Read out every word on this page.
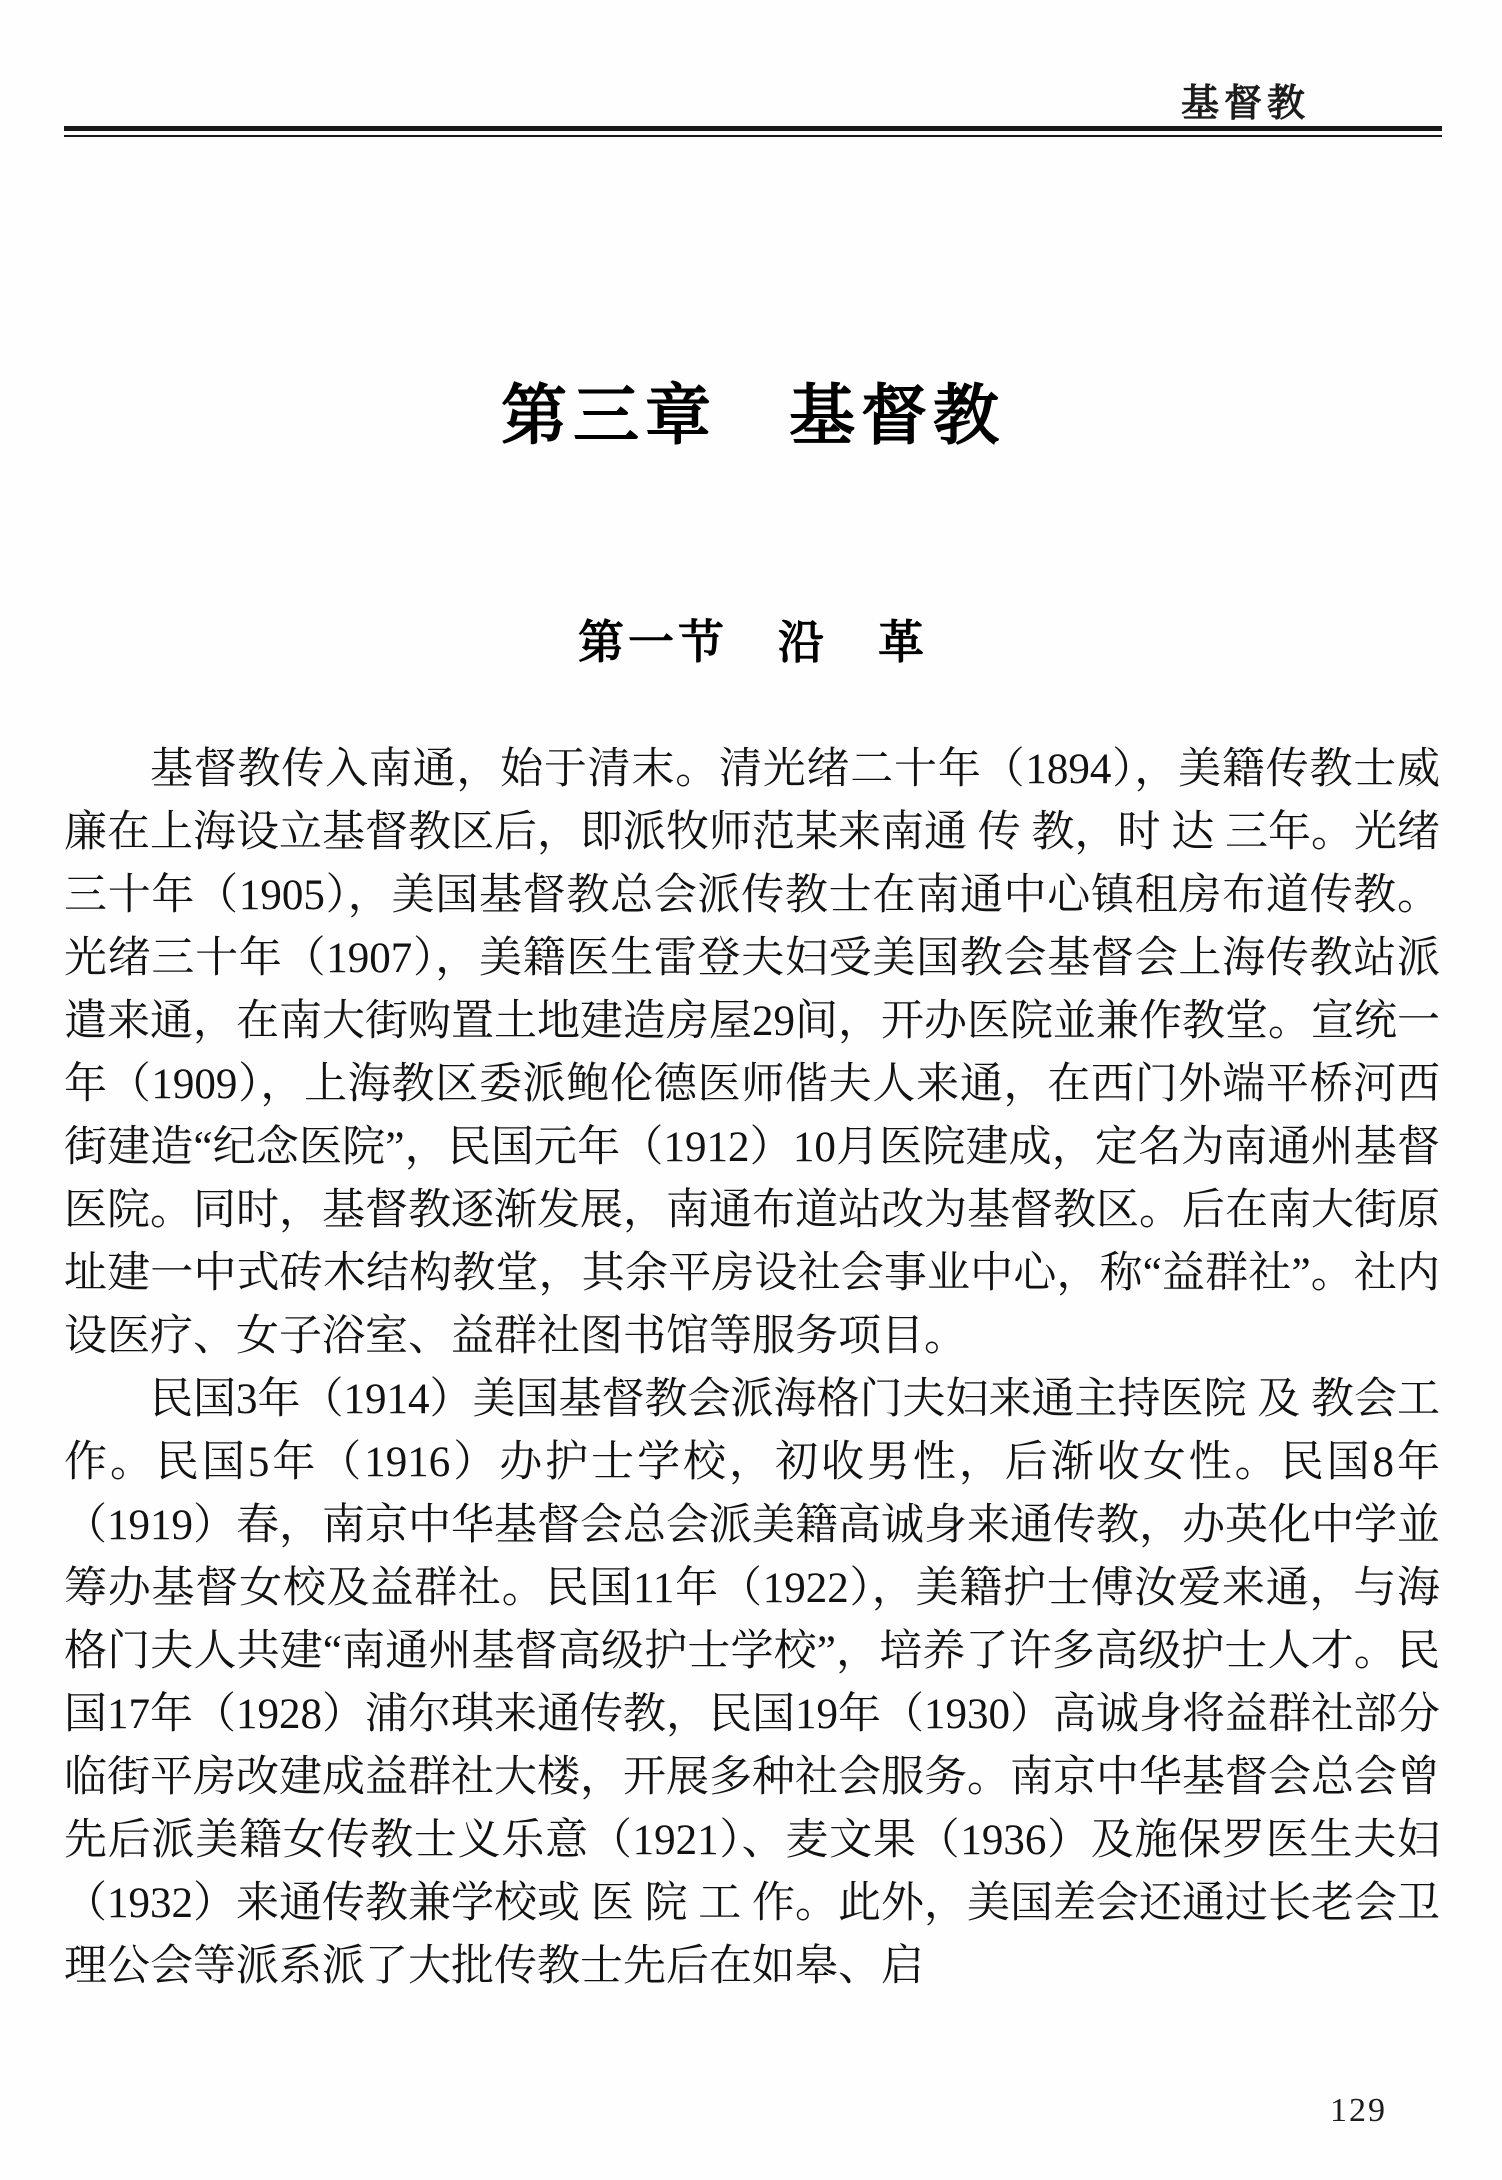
基督教
第三章　基督教
第一节　沿　革

基督教传入南通，始于清末。清光绪二十年（1894），美籍传教士威廉在上海设立基督教区后，即派牧师范某来南通 传 教，时 达 三年。光绪三十年（1905），美国基督教总会派传教士在南通中心镇租房布道传教。光绪三十年（1907），美籍医生雷登夫妇受美国教会基督会上海传教站派遣来通，在南大街购置土地建造房屋29间，开办医院並兼作教堂。宣统一年（1909），上海教区委派鲍伦德医师偕夫人来通，在西门外端平桥河西街建造“纪念医院”，民国元年（1912）10月医院建成，定名为南通州基督医院。同时，基督教逐渐发展，南通布道站改为基督教区。后在南大街原址建一中式砖木结构教堂，其余平房设社会事业中心，称“益群社”。社内设医疗、女子浴室、益群社图书馆等服务项目。

民国3年（1914）美国基督教会派海格门夫妇来通主持医院 及 教会工作。民国5年（1916）办护士学校，初收男性，后渐收女性。民国8年（1919）春，南京中华基督会总会派美籍高诚身来通传教，办英化中学並筹办基督女校及益群社。民国11年（1922），美籍护士傅汝爱来通，与海格门夫人共建“南通州基督高级护士学校”，培养了许多高级护士人才。民国17年（1928）浦尔琪来通传教，民国19年（1930）高诚身将益群社部分临街平房改建成益群社大楼，开展多种社会服务。南京中华基督会总会曾先后派美籍女传教士义乐意（1921）、麦文果（1936）及施保罗医生夫妇（1932）来通传教兼学校或 医 院 工 作。此外，美国差会还通过长老会卫理公会等派系派了大批传教士先后在如皋、启

129
